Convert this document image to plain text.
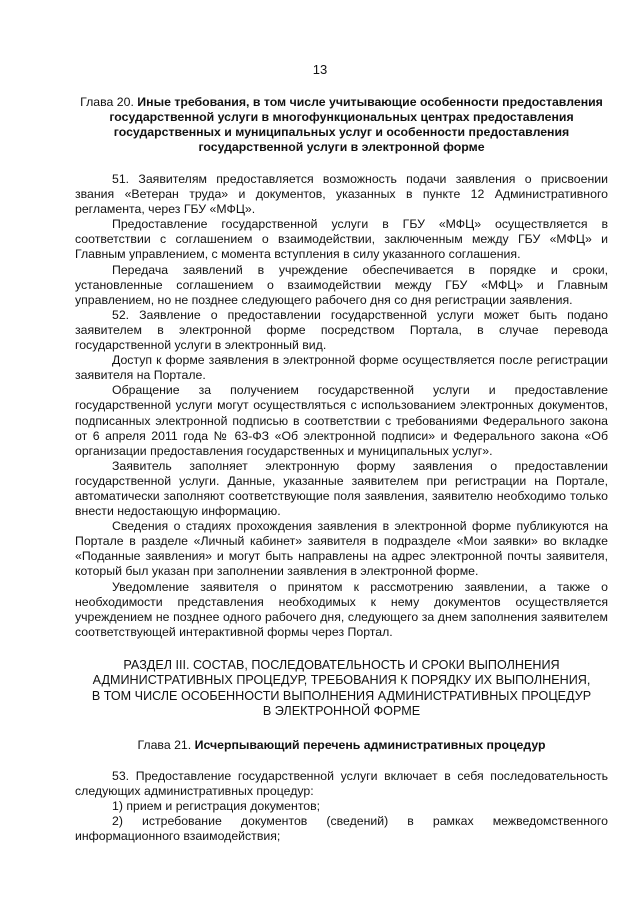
13
Глава 20. Иные требования, в том числе учитывающие особенности предоставления государственной услуги в многофункциональных центрах предоставления государственных и муниципальных услуг и особенности предоставления государственной услуги в электронной форме

51. Заявителям предоставляется возможность подачи заявления о присвоении звания «Ветеран труда» и документов, указанных в пункте 12 Административного регламента, через ГБУ «МФЦ».

Предоставление государственной услуги в ГБУ «МФЦ» осуществляется в соответствии с соглашением о взаимодействии, заключенным между ГБУ «МФЦ» и Главным управлением, с момента вступления в силу указанного соглашения.

Передача заявлений в учреждение обеспечивается в порядке и сроки, установленные соглашением о взаимодействии между ГБУ «МФЦ» и Главным управлением, но не позднее следующего рабочего дня со дня регистрации заявления.

52. Заявление о предоставлении государственной услуги может быть подано заявителем в электронной форме посредством Портала, в случае перевода государственной услуги в электронный вид.

Доступ к форме заявления в электронной форме осуществляется после регистрации заявителя на Портале.

Обращение за получением государственной услуги и предоставление государственной услуги могут осуществляться с использованием электронных документов, подписанных электронной подписью в соответствии с требованиями Федерального закона от 6 апреля 2011 года № 63-ФЗ «Об электронной подписи» и Федерального закона «Об организации предоставления государственных и муниципальных услуг».

Заявитель заполняет электронную форму заявления о предоставлении государственной услуги. Данные, указанные заявителем при регистрации на Портале, автоматически заполняют соответствующие поля заявления, заявителю необходимо только внести недостающую информацию.

Сведения о стадиях прохождения заявления в электронной форме публикуются на Портале в разделе «Личный кабинет» заявителя в подразделе «Мои заявки» во вкладке «Поданные заявления» и могут быть направлены на адрес электронной почты заявителя, который был указан при заполнении заявления в электронной форме.

Уведомление заявителя о принятом к рассмотрению заявлении, а также о необходимости представления необходимых к нему документов осуществляется учреждением не позднее одного рабочего дня, следующего за днем заполнения заявителем соответствующей интерактивной формы через Портал.

РАЗДЕЛ III. СОСТАВ, ПОСЛЕДОВАТЕЛЬНОСТЬ И СРОКИ ВЫПОЛНЕНИЯ АДМИНИСТРАТИВНЫХ ПРОЦЕДУР, ТРЕБОВАНИЯ К ПОРЯДКУ ИХ ВЫПОЛНЕНИЯ, В ТОМ ЧИСЛЕ ОСОБЕННОСТИ ВЫПОЛНЕНИЯ АДМИНИСТРАТИВНЫХ ПРОЦЕДУР В ЭЛЕКТРОННОЙ ФОРМЕ
Глава 21. Исчерпывающий перечень административных процедур

53. Предоставление государственной услуги включает в себя последовательность следующих административных процедур:

1) прием и регистрация документов;

2) истребование документов (сведений) в рамках межведомственного информационного взаимодействия;
